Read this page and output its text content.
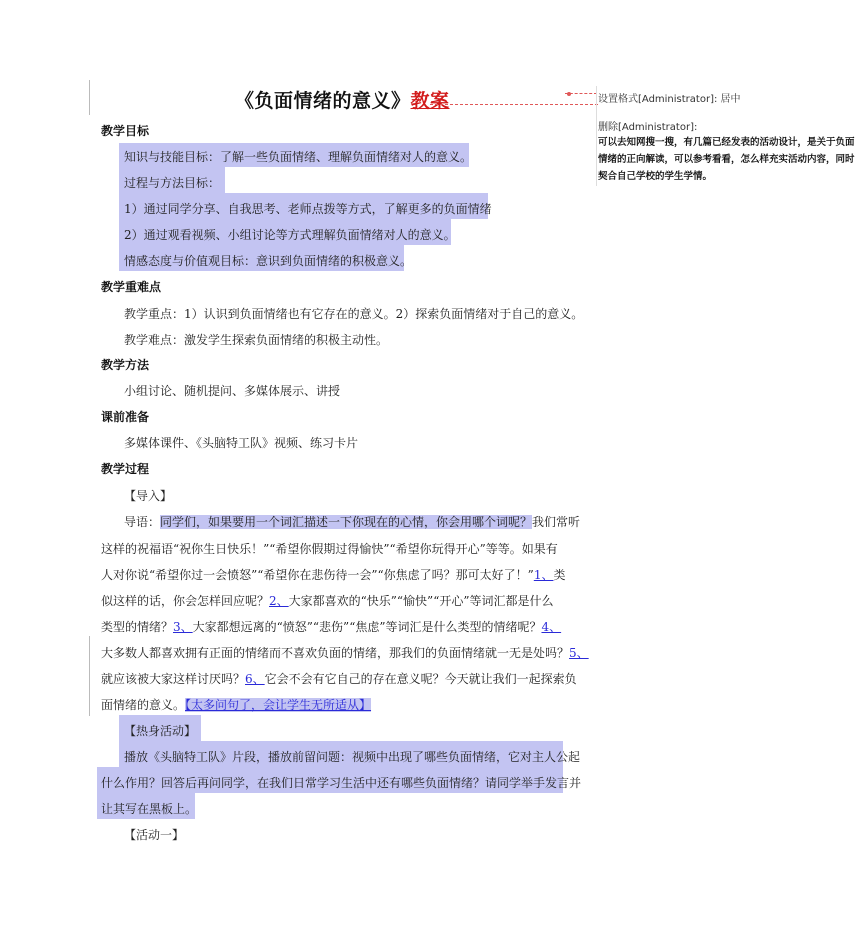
《负面情绪的意义》教案	设置格式[Administrator]: 居中
删除[Administrator]:
可以去知网搜一搜，有几篇已经发表的活动设计，是关于负面情绪的正向解读，可以参考看看，怎么样充实活动内容，同时契合自己学校的学生学情。
教学目标
知识与技能目标：了解一些负面情绪、理解负面情绪对人的意义。
过程与方法目标：
1）通过同学分享、自我思考、老师点拨等方式，了解更多的负面情绪
2）通过观看视频、小组讨论等方式理解负面情绪对人的意义。
情感态度与价值观目标：意识到负面情绪的积极意义。
教学重难点
教学重点：1）认识到负面情绪也有它存在的意义。2）探索负面情绪对于自己的意义。
教学难点：激发学生探索负面情绪的积极主动性。
教学方法
小组讨论、随机提问、多媒体展示、讲授
课前准备
多媒体课件、《头脑特工队》视频、练习卡片
教学过程
【导入】
导语：同学们，如果要用一个词汇描述一下你现在的心情，你会用哪个词呢？我们常听
这样的祝福语“祝你生日快乐！”“希望你假期过得愉快”“希望你玩得开心”等等。如果有
人对你说“希望你过一会愤怒”“希望你在悲伤待一会”“你焦虑了吗？那可太好了！”1、类
似这样的话，你会怎样回应呢？2、大家都喜欢的“快乐”“愉快”“开心”等词汇都是什么
类型的情绪？3、大家都想远离的“愤怒”“悲伤”“焦虑”等词汇是什么类型的情绪呢？4、
大多数人都喜欢拥有正面的情绪而不喜欢负面的情绪，那我们的负面情绪就一无是处吗？5、
就应该被大家这样讨厌吗？6、它会不会有它自己的存在意义呢？今天就让我们一起探索负
面情绪的意义。【太多问句了，会让学生无所适从】
【热身活动】
播放《头脑特工队》片段，播放前留问题：视频中出现了哪些负面情绪，它对主人公起
什么作用？回答后再问同学，在我们日常学习生活中还有哪些负面情绪？请同学举手发言并
让其写在黑板上。
【活动一】
